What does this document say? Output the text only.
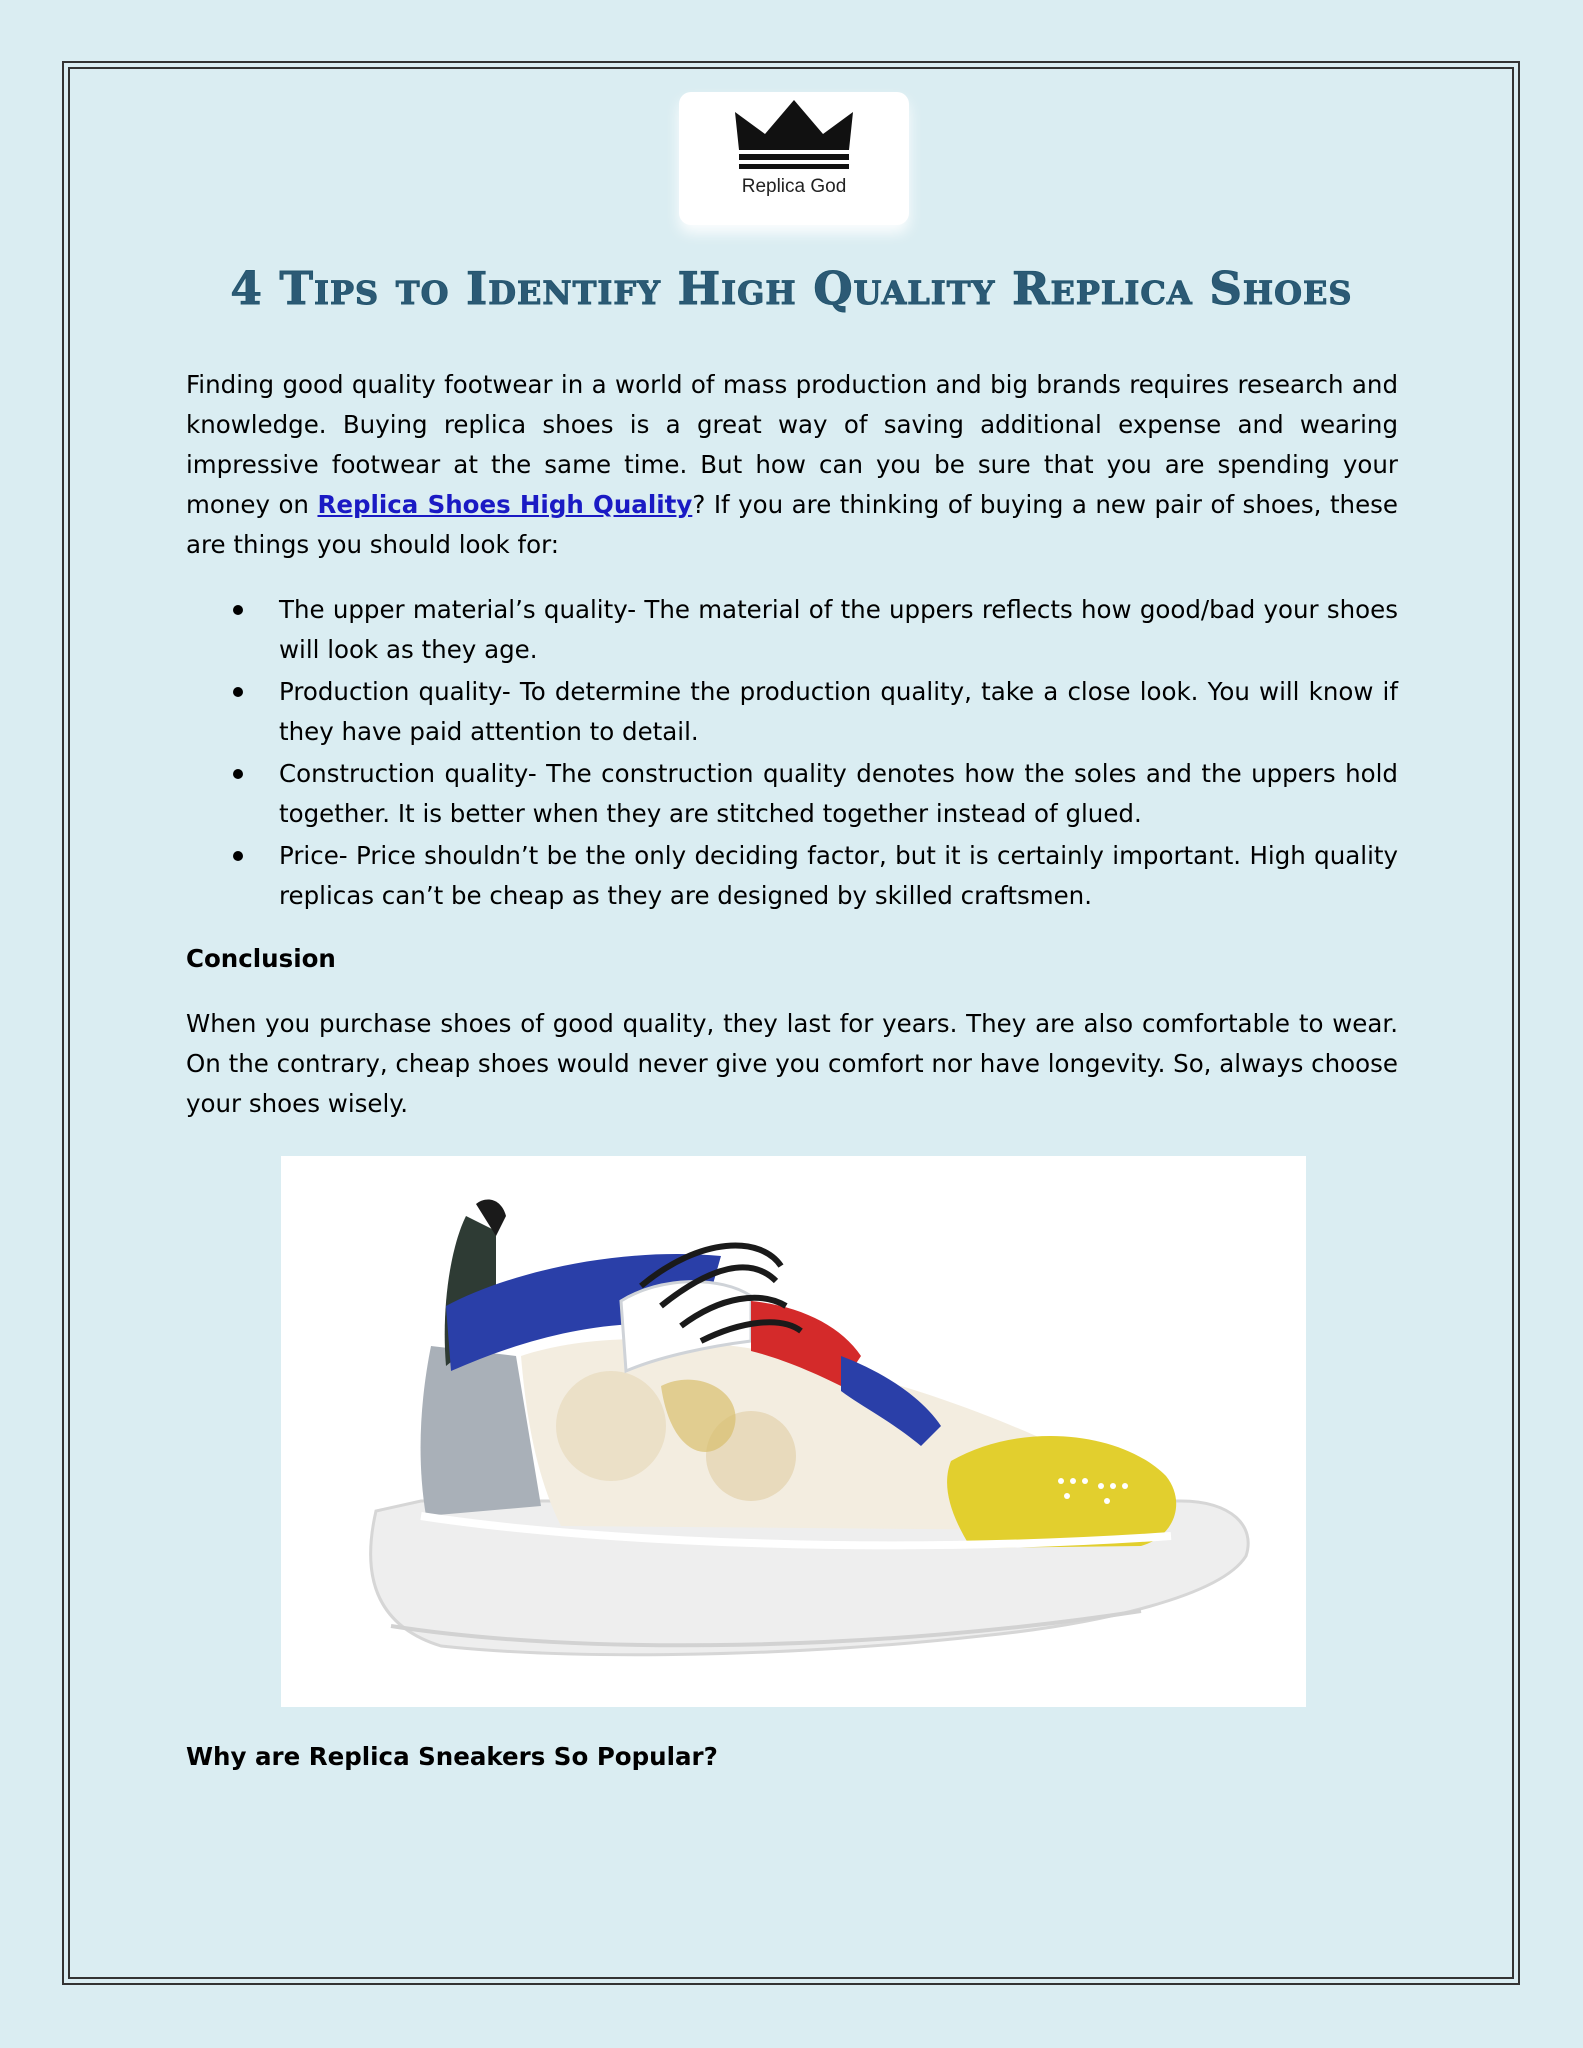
Replica God
4 Tips to Identify High Quality Replica Shoes

Finding good quality footwear in a world of mass production and big brands requires research and knowledge. Buying replica shoes is a great way of saving additional expense and wearing impressive footwear at the same time. But how can you be sure that you are spending your money on Replica Shoes High Quality? If you are thinking of buying a new pair of shoes, these are things you should look for:

The upper material’s quality- The material of the uppers reflects how good/bad your shoes will look as they age.
Production quality- To determine the production quality, take a close look. You will know if they have paid attention to detail.
Construction quality- The construction quality denotes how the soles and the uppers hold together. It is better when they are stitched together instead of glued.
Price- Price shouldn’t be the only deciding factor, but it is certainly important. High quality replicas can’t be cheap as they are designed by skilled craftsmen.

Conclusion

When you purchase shoes of good quality, they last for years. They are also comfortable to wear. On the contrary, cheap shoes would never give you comfort nor have longevity. So, always choose your shoes wisely.

Why are Replica Sneakers So Popular?
